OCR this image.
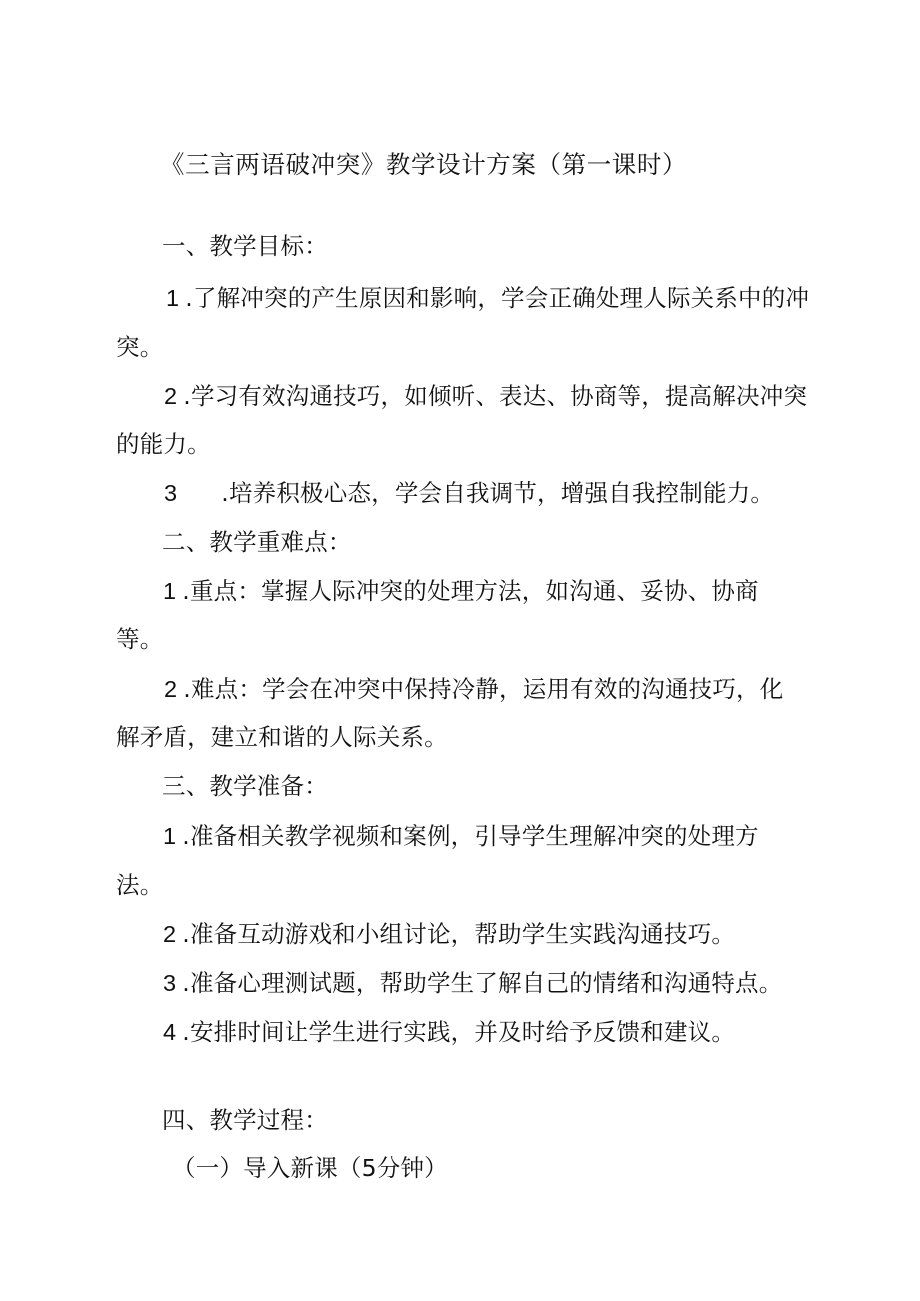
《三言两语破冲突》教学设计方案（第一课时）
一、教学目标：
1 .了解冲突的产生原因和影响，学会正确处理人际关系中的冲
突。
2 .学习有效沟通技巧，如倾听、表达、协商等，提高解决冲突
的能力。
3 .培养积极心态，学会自我调节，增强自我控制能力。
二、教学重难点：
1 .重点：掌握人际冲突的处理方法，如沟通、妥协、协商
等。
2 .难点：学会在冲突中保持冷静，运用有效的沟通技巧，化
解矛盾，建立和谐的人际关系。
三、教学准备：
1 .准备相关教学视频和案例，引导学生理解冲突的处理方
法。
2 .准备互动游戏和小组讨论，帮助学生实践沟通技巧。
3 .准备心理测试题，帮助学生了解自己的情绪和沟通特点。
4 .安排时间让学生进行实践，并及时给予反馈和建议。
四、教学过程：
（一）导入新课（5分钟）
